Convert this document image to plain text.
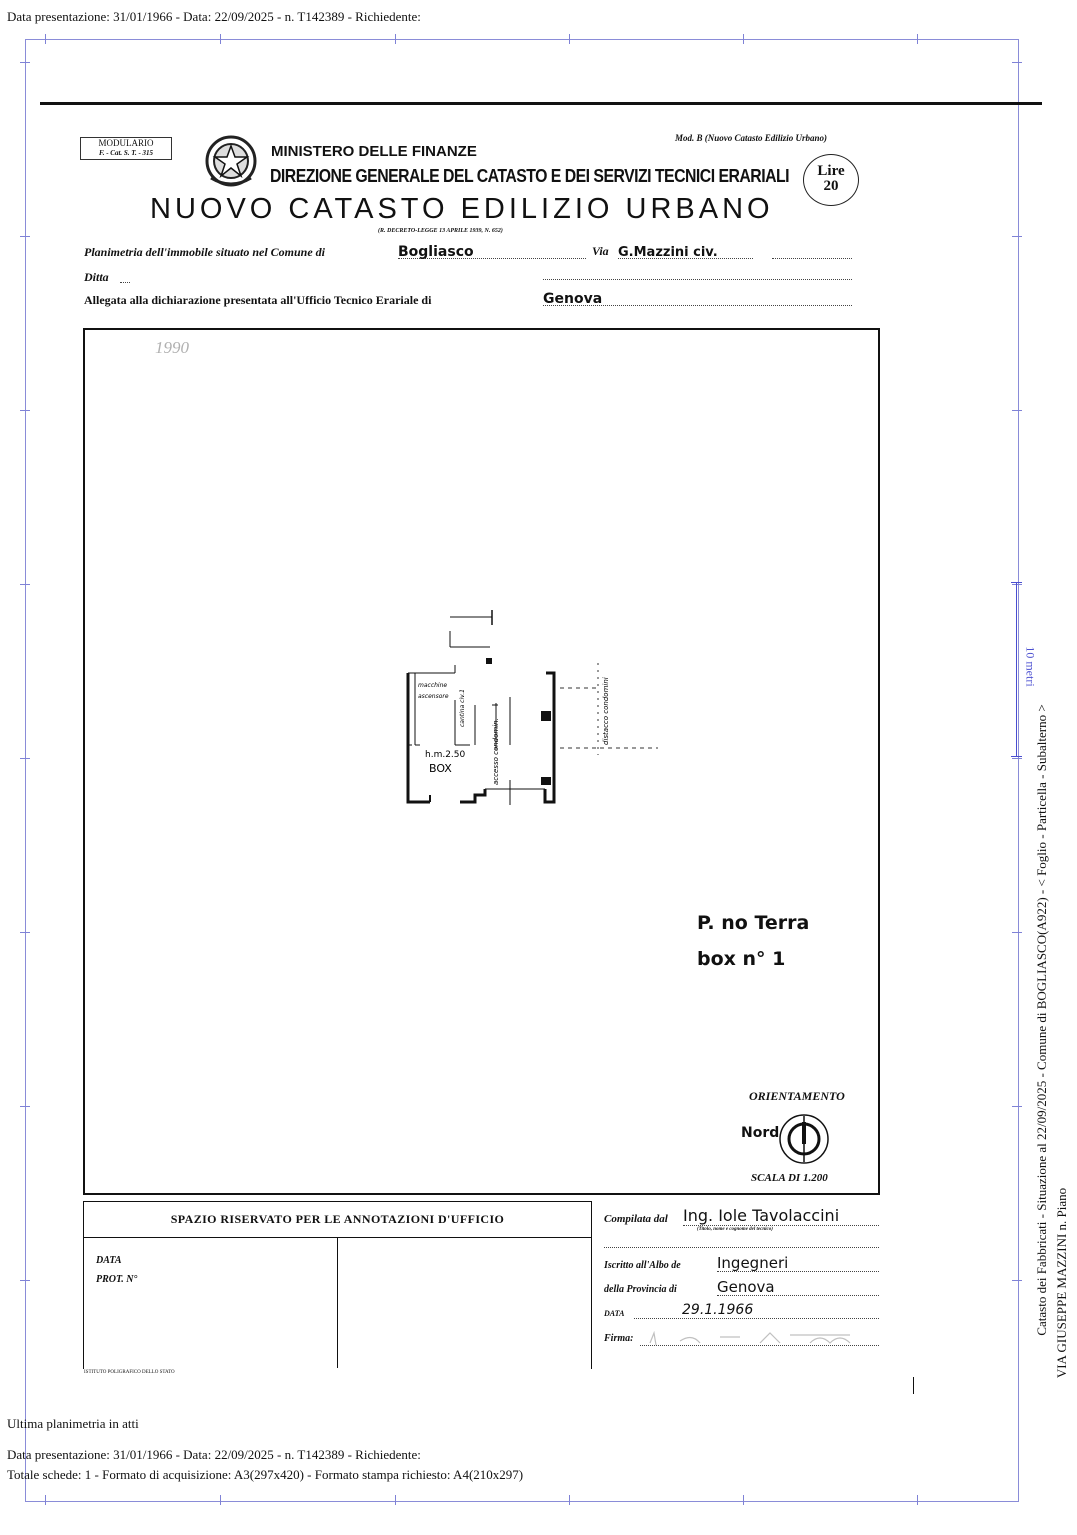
Data presentazione: 31/01/1966 - Data: 22/09/2025 - n. T142389 - Richiedente:
MODULARIO
F. - Cat. S. T. - 315	MINISTERO DELLE FINANZE
DIREZIONE GENERALE DEL CATASTO E DEI SERVIZI TECNICI ERARIALI
Mod. B (Nuovo Catasto Edilizio Urbano)
Lire
20
NUOVO CATASTO EDILIZIO URBANO
(R. DECRETO-LEGGE 13 APRILE 1939, N. 652)
Planimetria dell'immobile situato nel Comune di	Bogliasco	Via G.Mazzini civ.
Ditta
Allegata alla dichiarazione presentata all'Ufficio Tecnico Erariale di	Genova
1990
macchine
ascensore cantina civ.1
h.m.2.50
BOX	accesso condomin.
distacco condomini
P. no Terra
box n° 1
ORIENTAMENTO
Nord
SCALA DI 1.200
SPAZIO RISERVATO PER LE ANNOTAZIONI D'UFFICIO
DATA
PROT. N°
ISTITUTO POLIGRAFICO DELLO STATO
Compilata dal Ing. Iole Tavolaccini
(Titolo, nome e cognome del tecnico)
Iscritto all'Albo de Ingegneri
della Provincia di	Genova
DATA	29.1.1966
Firma:
10 metri
Catasto dei Fabbricati - Situazione al 22/09/2025 - Comune di BOGLIASCO(A922) - < Foglio - Particella - Subalterno > VIA GIUSEPPE MAZZINI n. Piano
Ultima planimetria in atti
Data presentazione: 31/01/1966 - Data: 22/09/2025 - n. T142389 - Richiedente:
Totale schede: 1 - Formato di acquisizione: A3(297x420) - Formato stampa richiesto: A4(210x297)
